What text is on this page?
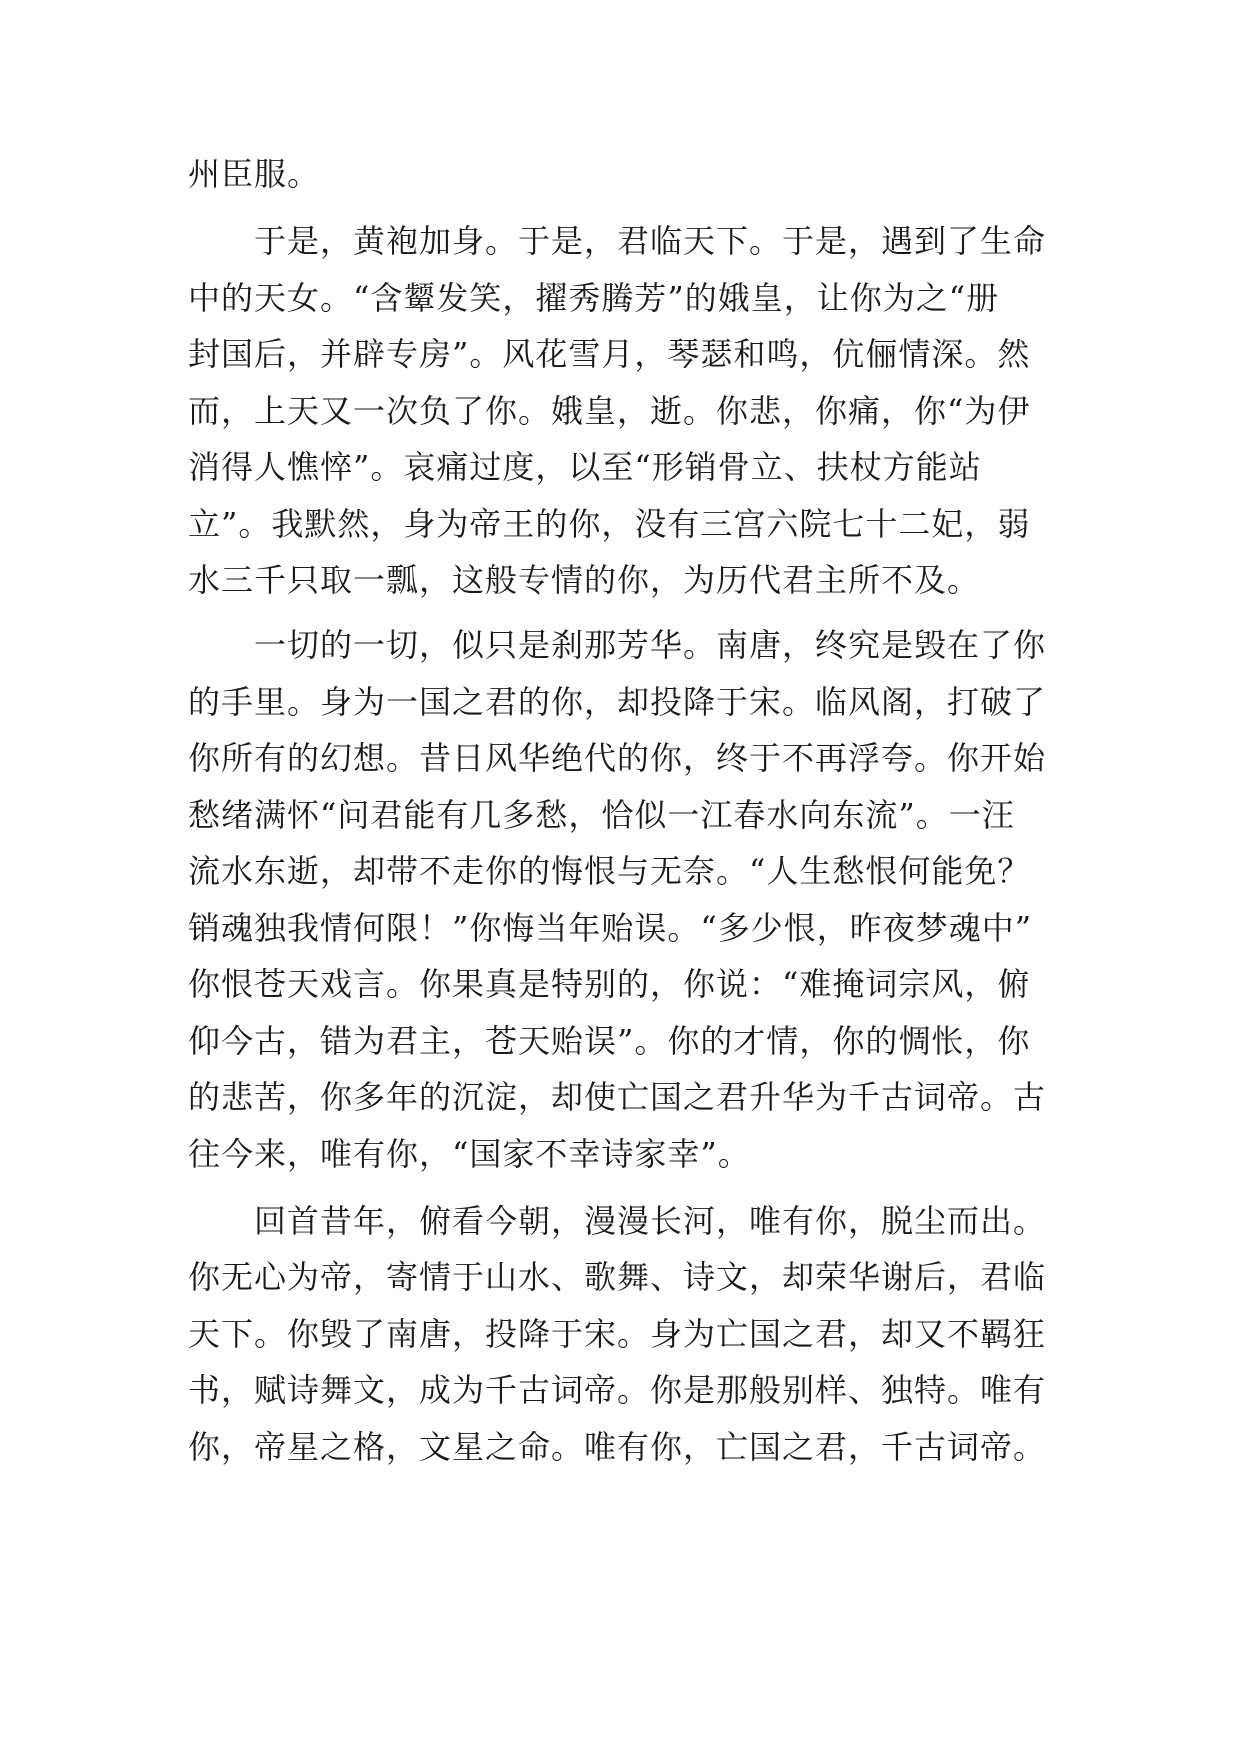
州臣服。
于是，黄袍加身。于是，君临天下。于是，遇到了生命
中的天女。“含颦发笑，擢秀腾芳”的娥皇，让你为之“册
封国后，并辟专房”。风花雪月，琴瑟和鸣，伉俪情深。然
而，上天又一次负了你。娥皇，逝。你悲，你痛，你“为伊
消得人憔悴”。哀痛过度，以至“形销骨立、扶杖方能站
立”。我默然，身为帝王的你，没有三宫六院七十二妃，弱
水三千只取一瓢，这般专情的你，为历代君主所不及。
一切的一切，似只是刹那芳华。南唐，终究是毁在了你
的手里。身为一国之君的你，却投降于宋。临风阁，打破了
你所有的幻想。昔日风华绝代的你，终于不再浮夸。你开始
愁绪满怀“问君能有几多愁，恰似一江春水向东流”。一汪
流水东逝，却带不走你的悔恨与无奈。“人生愁恨何能免？
销魂独我情何限！”你悔当年贻误。“多少恨，昨夜梦魂中”
你恨苍天戏言。你果真是特别的，你说：“难掩词宗风，俯
仰今古，错为君主，苍天贻误”。你的才情，你的惆怅，你
的悲苦，你多年的沉淀，却使亡国之君升华为千古词帝。古
往今来，唯有你，“国家不幸诗家幸”。
回首昔年，俯看今朝，漫漫长河，唯有你，脱尘而出。
你无心为帝，寄情于山水、歌舞、诗文，却荣华谢后，君临
天下。你毁了南唐，投降于宋。身为亡国之君，却又不羁狂
书，赋诗舞文，成为千古词帝。你是那般别样、独特。唯有
你，帝星之格，文星之命。唯有你，亡国之君，千古词帝。
